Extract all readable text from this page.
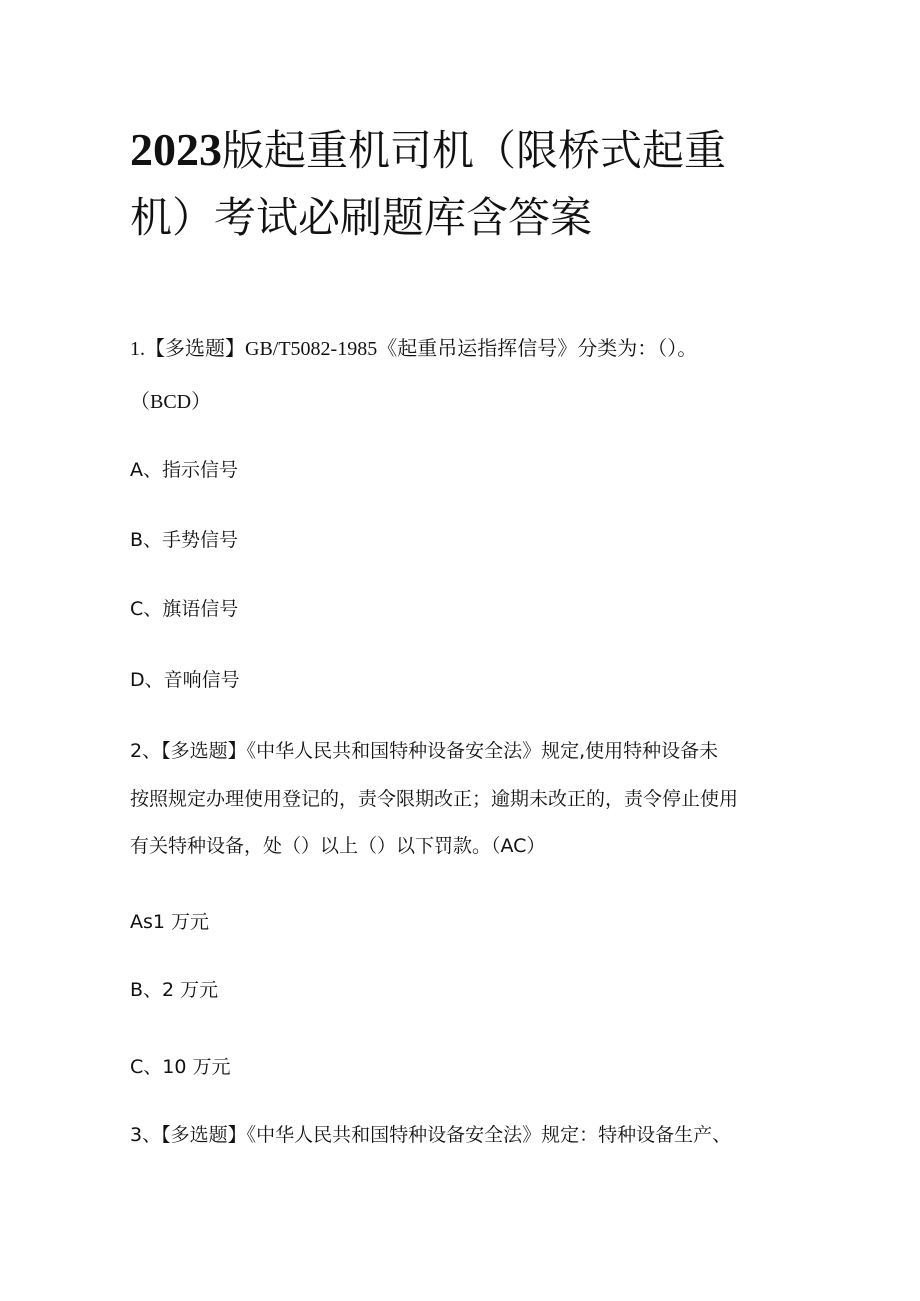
2023版起重机司机（限桥式起重
机）考试必刷题库含答案

1.【多选题】GB/T5082-1985《起重吊运指挥信号》分类为：（）。

（BCD）

A、指示信号

B、手势信号

C、旗语信号

D、音响信号

2、【多选题】《中华人民共和国特种设备安全法》规定,使用特种设备未

按照规定办理使用登记的，责令限期改正；逾期未改正的，责令停止使用

有关特种设备，处（）以上（）以下罚款。（AC）

As1 万元

B、2 万元

C、10 万元

3、【多选题】《中华人民共和国特种设备安全法》规定：特种设备生产、
